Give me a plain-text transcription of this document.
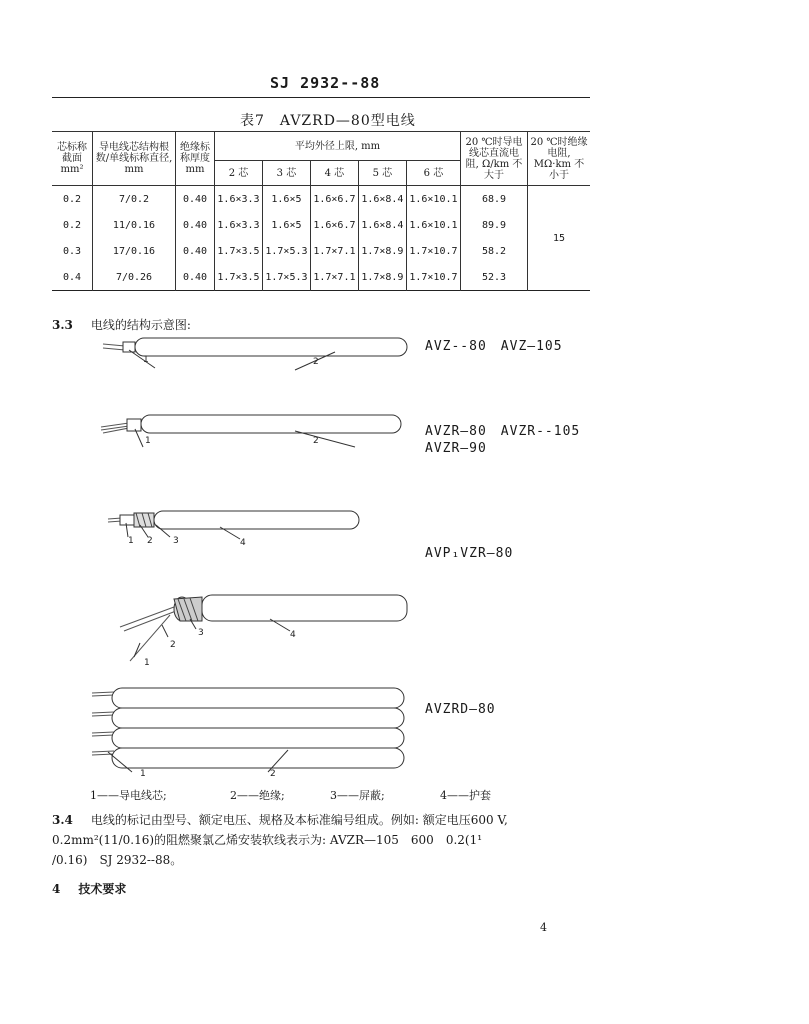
SJ 2932--88
表7　AVZRD—80型电线
芯标称截面 mm²	导电线芯结构根数/单线标称直径, mm	绝缘标称厚度 mm	平均外径上限, mm					20 ℃时导电线芯直流电阻, Ω/km 不大于	20 ℃时绝缘电阻, MΩ·km 不小于
			2 芯	3 芯	4 芯	5 芯	6 芯		
0.2	7/0.2	0.40	1.6×3.3	1.6×5	1.6×6.7	1.6×8.4	1.6×10.1	68.9	15
0.2	11/0.16	0.40	1.6×3.3	1.6×5	1.6×6.7	1.6×8.4	1.6×10.1	89.9	
0.3	17/0.16	0.40	1.7×3.5	1.7×5.3	1.7×7.1	1.7×8.9	1.7×10.7	58.2	
0.4	7/0.26	0.40	1.7×3.5	1.7×5.3	1.7×7.1	1.7×8.9	1.7×10.7	52.3	
3.3 电线的结构示意图:
1	2
AVZ--80　AVZ—105
1	2
AVZR—80　AVZR--105
AVZR—90
1 2 3	4
AVP₁VZR—80
1
2
3	4
1	2
AVZRD—80
1——导电线芯;	2——绝缘;	3——屏蔽;	4——护套
3.4 电线的标记由型号、额定电压、规格及本标准编号组成。例如: 额定电压600 V,
0.2mm²(11/0.16)的阻燃聚氯乙烯安装软线表示为: AVZR—105　600　0.2(1¹
/0.16)　SJ 2932--88。
4 技术要求
4
